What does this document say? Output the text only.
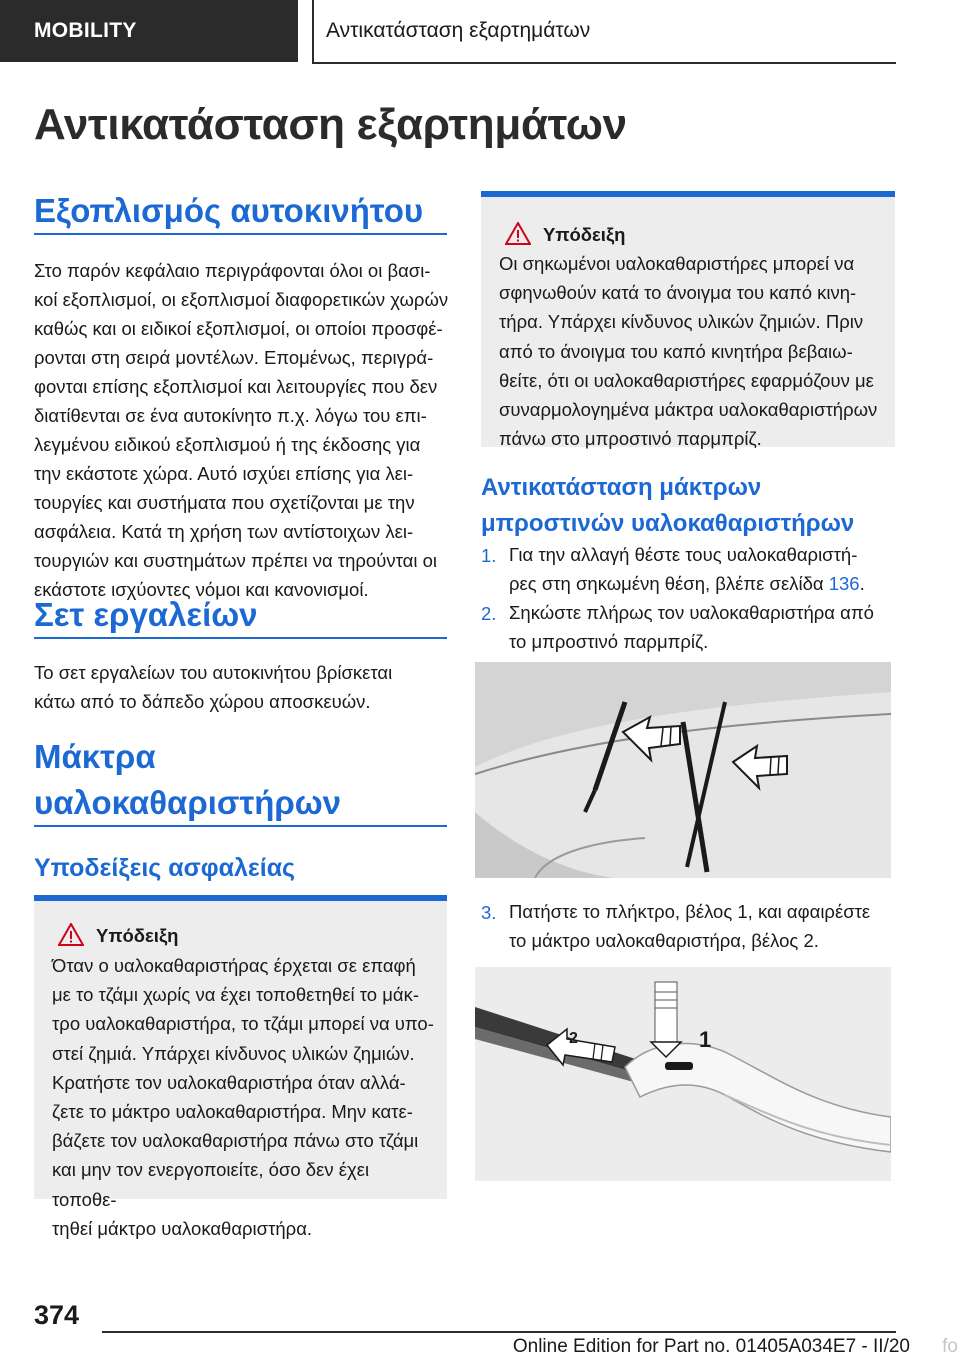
MOBILITY	Αντικατάσταση εξαρτημάτων
Αντικατάσταση εξαρτημάτων
Εξοπλισμός αυτοκινήτου
Στο παρόν κεφάλαιο περιγράφονται όλοι οι βασι-
κοί εξοπλισμοί, οι εξοπλισμοί διαφορετικών χωρών
καθώς και οι ειδικοί εξοπλισμοί, οι οποίοι προσφέ-
ρονται στη σειρά μοντέλων. Επομένως, περιγρά-
φονται επίσης εξοπλισμοί και λειτουργίες που δεν
διατίθενται σε ένα αυτοκίνητο π.χ. λόγω του επι-
λεγμένου ειδικού εξοπλισμού ή της έκδοσης για
την εκάστοτε χώρα. Αυτό ισχύει επίσης για λει-
τουργίες και συστήματα που σχετίζονται με την
ασφάλεια. Κατά τη χρήση των αντίστοιχων λει-
τουργιών και συστημάτων πρέπει να τηρούνται οι
εκάστοτε ισχύοντες νόμοι και κανονισμοί.
Σετ εργαλείων
Το σετ εργαλείων του αυτοκινήτου βρίσκεται
κάτω από το δάπεδο χώρου αποσκευών.
Μάκτρα
υαλοκαθαριστήρων
Υποδείξεις ασφαλείας
Υπόδειξη
Όταν ο υαλοκαθαριστήρας έρχεται σε επαφή
με το τζάμι χωρίς να έχει τοποθετηθεί το μάκ-
τρο υαλοκαθαριστήρα, το τζάμι μπορεί να υπο-
στεί ζημιά. Υπάρχει κίνδυνος υλικών ζημιών.
Κρατήστε τον υαλοκαθαριστήρα όταν αλλά-
ζετε το μάκτρο υαλοκαθαριστήρα. Μην κατε-
βάζετε τον υαλοκαθαριστήρα πάνω στο τζάμι
και μην τον ενεργοποιείτε, όσο δεν έχει τοποθε-
τηθεί μάκτρο υαλοκαθαριστήρα.
Υπόδειξη
Οι σηκωμένοι υαλοκαθαριστήρες μπορεί να
σφηνωθούν κατά το άνοιγμα του καπό κινη-
τήρα. Υπάρχει κίνδυνος υλικών ζημιών. Πριν
από το άνοιγμα του καπό κινητήρα βεβαιω-
θείτε, ότι οι υαλοκαθαριστήρες εφαρμόζουν με
συναρμολογημένα μάκτρα υαλοκαθαριστήρων
πάνω στο μπροστινό παρμπρίζ.
Αντικατάσταση μάκτρων
μπροστινών υαλοκαθαριστήρων
1. Για την αλλαγή θέστε τους υαλοκαθαριστή-
ρες στη σηκωμένη θέση, βλέπε σελίδα 136.
2. Σηκώστε πλήρως τον υαλοκαθαριστήρα από
το μπροστινό παρμπρίζ.
3. Πατήστε το πλήκτρο, βέλος 1, και αφαιρέστε
το μάκτρο υαλοκαθαριστήρα, βέλος 2.
1
2
374
Online Edition for Part no. 01405A034E7 - II/20 fo
